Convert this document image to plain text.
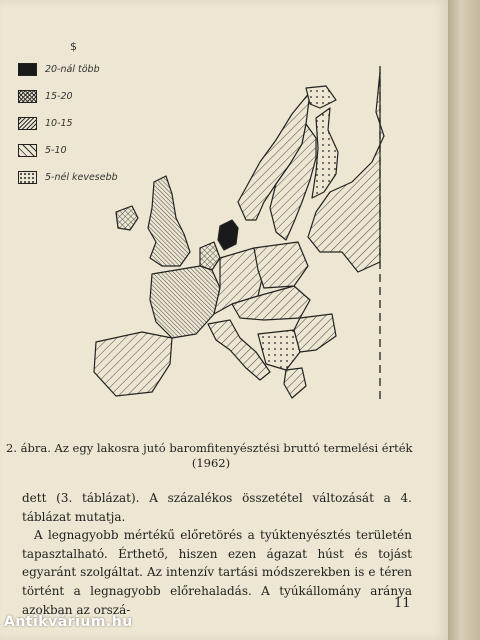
$
20-nál több
15-20
10-15
5-10
5-nél kevesebb
2. ábra. Az egy lakosra jutó baromfitenyésztési bruttó termelési érték
(1962)

dett (3. táblázat). A százalékos összetétel változását a 4. táblázat mutatja.

A legnagyobb mértékű előretörés a tyúktenyésztés területén tapasztalható. Érthető, hiszen ezen ágazat húst és tojást egyaránt szolgáltat. Az intenzív tartási módszerekben is e téren történt a legnagyobb előrehaladás. A tyúkállomány aránya azokban az orszá-	11
Antikvárium.hu
